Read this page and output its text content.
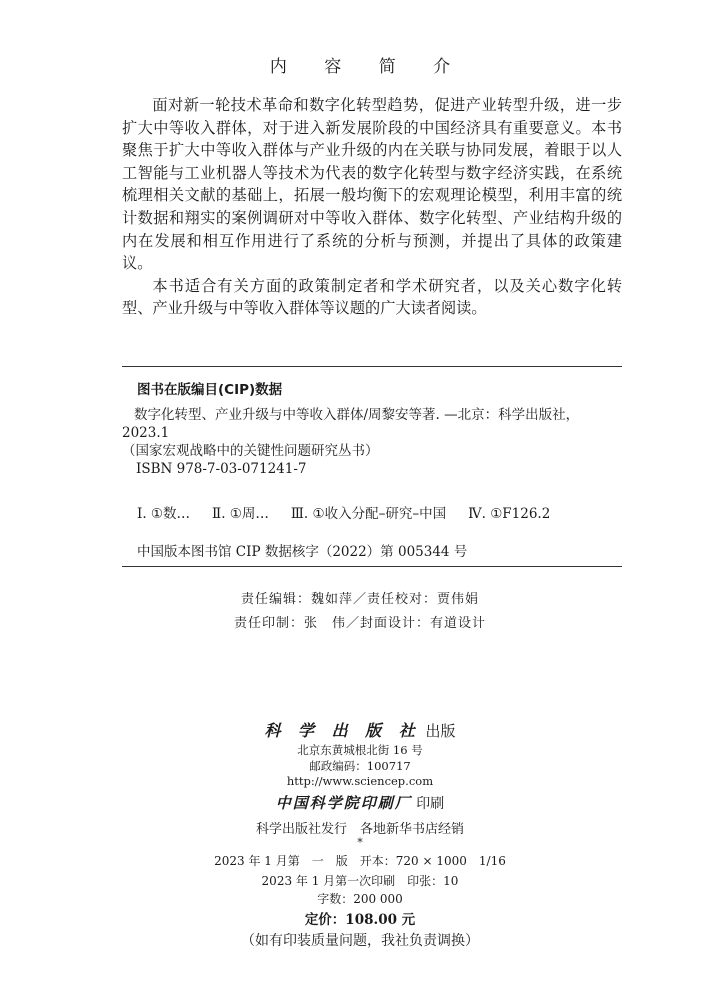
内 容 简 介

面对新一轮技术革命和数字化转型趋势，促进产业转型升级，进一步扩大中等收入群体，对于进入新发展阶段的中国经济具有重要意义。本书聚焦于扩大中等收入群体与产业升级的内在关联与协同发展，着眼于以人工智能与工业机器人等技术为代表的数字化转型与数字经济实践，在系统梳理相关文献的基础上，拓展一般均衡下的宏观理论模型，利用丰富的统计数据和翔实的案例调研对中等收入群体、数字化转型、产业结构升级的内在发展和相互作用进行了系统的分析与预测，并提出了具体的政策建议。

本书适合有关方面的政策制定者和学术研究者，以及关心数字化转型、产业升级与中等收入群体等议题的广大读者阅读。

图书在版编目(CIP)数据
数字化转型、产业升级与中等收入群体/周黎安等著. —北京：科学出版社，
2023.1
（国家宏观战略中的关键性问题研究丛书）
ISBN 978-7-03-071241-7
Ⅰ. ①数… Ⅱ. ①周… Ⅲ. ①收入分配–研究–中国 Ⅳ. ①F126.2
中国版本图书馆 CIP 数据核字（2022）第 005344 号
责任编辑：魏如萍／责任校对：贾伟娟
责任印制：张　伟／封面设计：有道设计
科 学 出 版 社 出版
北京东黄城根北街 16 号
邮政编码：100717
http://www.sciencep.com
中国科学院印刷厂 印刷
科学出版社发行　各地新华书店经销
*
2023 年 1 月第　一　版　开本：720 × 1000　1/16
2023 年 1 月第一次印刷　印张：10
字数：200 000
定价：108.00 元
（如有印装质量问题，我社负责调换）
